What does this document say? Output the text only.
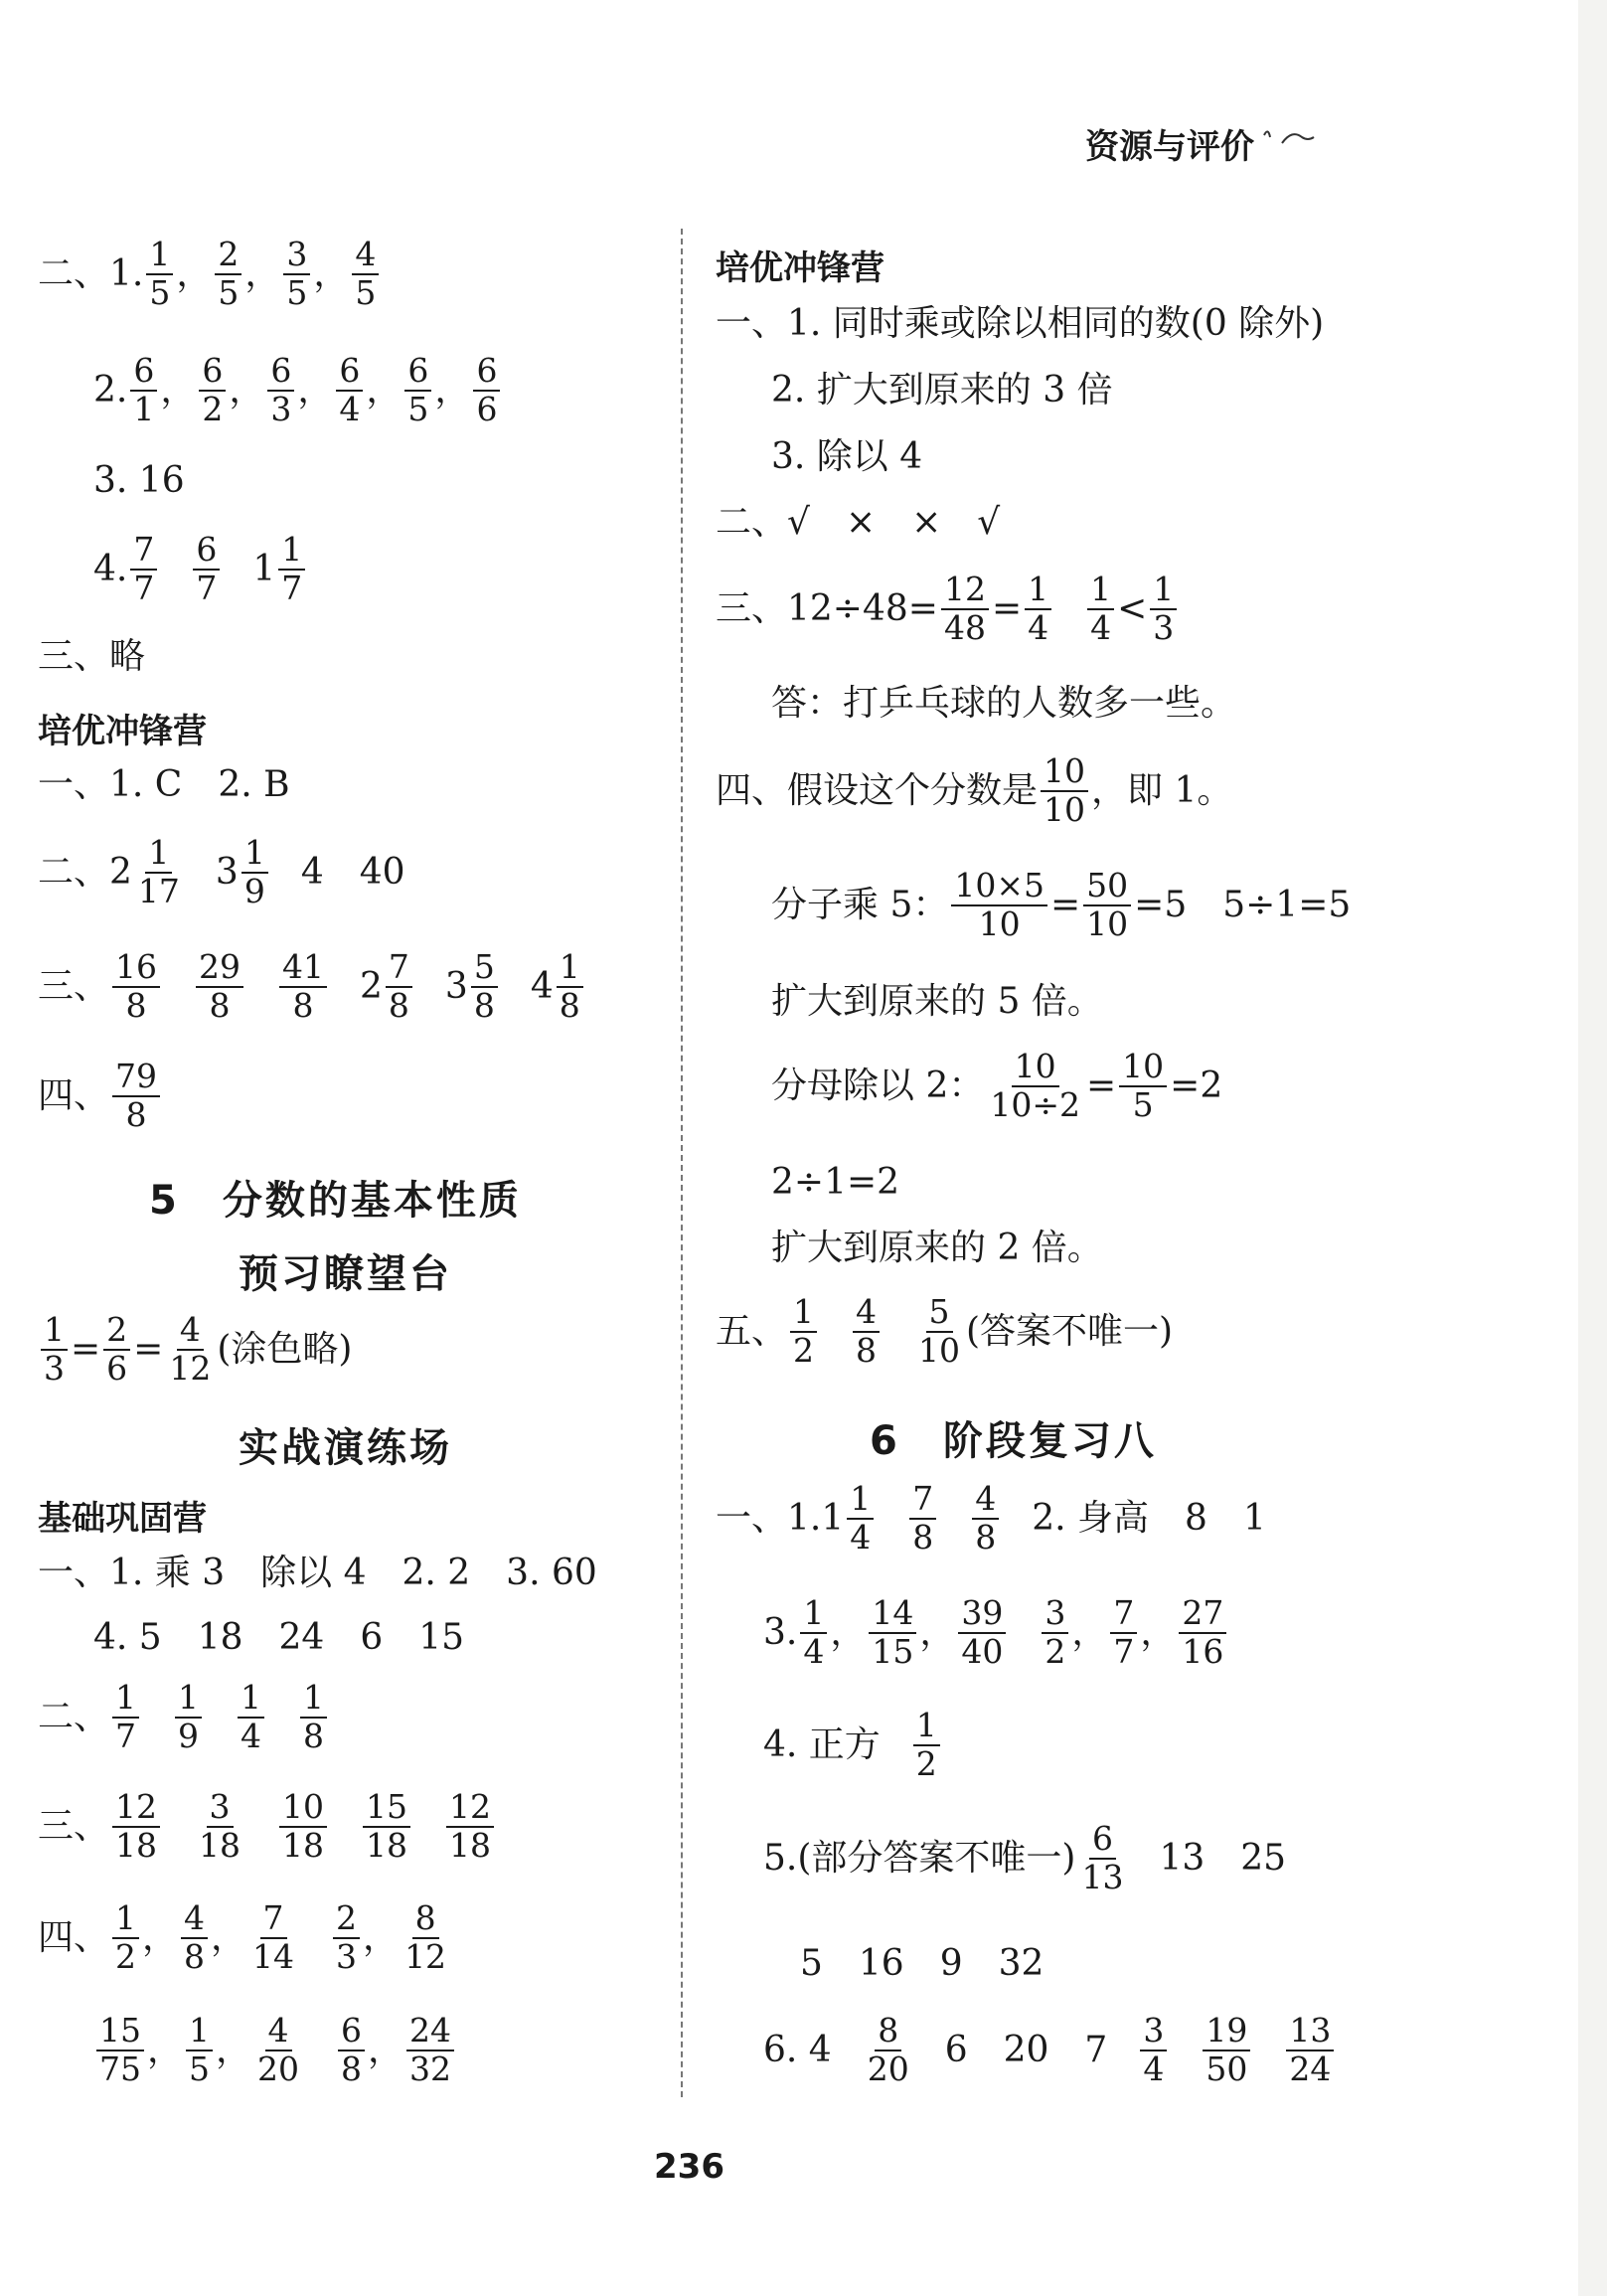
资源与评价
二、1. $\frac{1}{5}$ ， $\frac{2}{5}$ ， $\frac{3}{5}$ ， $\frac{4}{5}$
2. $\frac{6}{1}$ ， $\frac{6}{2}$ ， $\frac{6}{3}$ ， $\frac{6}{4}$ ， $\frac{6}{5}$ ， $\frac{6}{6}$
3. 16
4. $\frac{7}{7} \frac{6}{7} 1 \frac{1}{7}$
三、略
培优冲锋营
一、1. C　2. B
二、 $2 \frac{1}{17} 3 \frac{1}{9} 4$　40
三、 $\frac{16}{8} \frac{29}{8} \frac{41}{8} 2 \frac{7}{8} 3 \frac{5}{8} 4 \frac{1}{8}$
四、 $\frac{79}{8}$
5　分数的基本性质
预习瞭望台
$\frac{1}{3} = \frac{2}{6} = \frac{4}{12}$ (涂色略)
实战演练场
基础巩固营
一、1. 乘 3　除以 4　2. 2　3. 60
4. 5　18　24　6　15
二、 $\frac{1}{7} \frac{1}{9} \frac{1}{4} \frac{1}{8}$
三、 $\frac{12}{18} \frac{3}{18} \frac{10}{18} \frac{15}{18} \frac{12}{18}$
四、 $\frac{1}{2}$ ， $\frac{4}{8}$ ， $\frac{7}{14} \frac{2}{3}$ ， $\frac{8}{12}$
$\frac{15}{75}$ ， $\frac{1}{5}$ ， $\frac{4}{20} \frac{6}{8}$ ， $\frac{24}{32}$
培优冲锋营
一、1. 同时乘或除以相同的数(0 除外)
2. 扩大到原来的 3 倍
3. 除以 4
二、√　×　×　√
三、$12\div 48= \frac{12}{48} = \frac{1}{4} \frac{1}{4} < \frac{1}{3}$
答：打乒乓球的人数多一些。
四、假设这个分数是 $\frac{10}{10}$ ，即 1。
分子乘 5： $\frac{10\times 5}{10} = \frac{50}{10} =5$　5÷1=5
扩大到原来的 5 倍。
分母除以 2： $\frac{10}{10\div 2} = \frac{10}{5} =2$
2÷1=2
扩大到原来的 2 倍。
五、 $\frac{1}{2} \frac{4}{8} \frac{5}{10}$ (答案不唯一)
6　阶段复习八
一、1. $1 \frac{1}{4} \frac{7}{8} \frac{4}{8} 2$. 身高　8　1
3. $\frac{1}{4}$ ， $\frac{14}{15}$ ， $\frac{39}{40} \frac{3}{2}$ ， $\frac{7}{7}$ ， $\frac{27}{16}$
4. 正方 $\frac{1}{2}$
5.(部分答案不唯一) $\frac{6}{13} 13$　25
5　16　9　32
6. $4 \frac{8}{20} 6$　20　$7 \frac{3}{4} \frac{19}{50} \frac{13}{24}$
236
